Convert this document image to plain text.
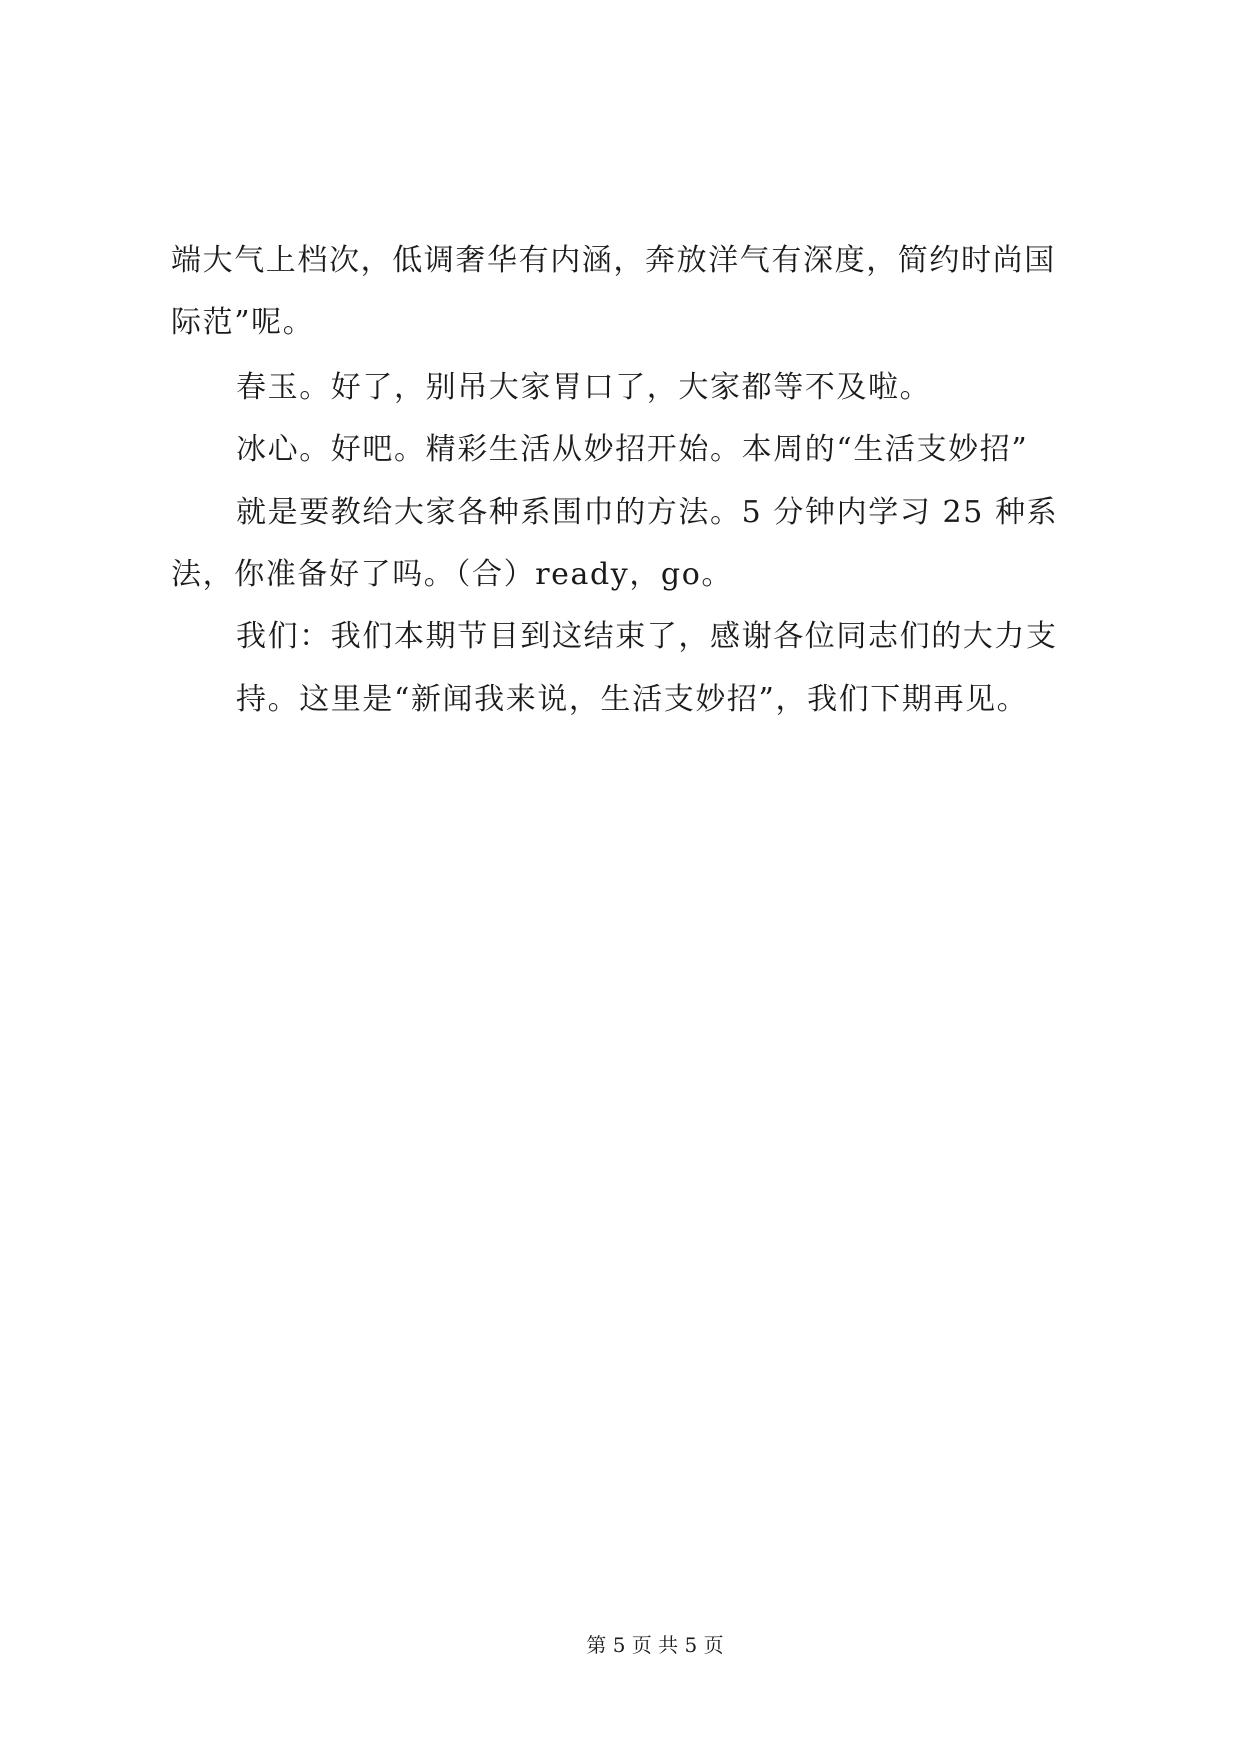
端大气上档次，低调奢华有内涵，奔放洋气有深度，简约时尚国
际范”呢。
春玉。好了，别吊大家胃口了，大家都等不及啦。
冰心。好吧。精彩生活从妙招开始。本周的“生活支妙招”
就是要教给大家各种系围巾的方法。5 分钟内学习 25 种系
法，你准备好了吗。（合）ready，go。
我们：我们本期节目到这结束了，感谢各位同志们的大力支
持。这里是“新闻我来说，生活支妙招”，我们下期再见。
第 5 页 共 5 页
